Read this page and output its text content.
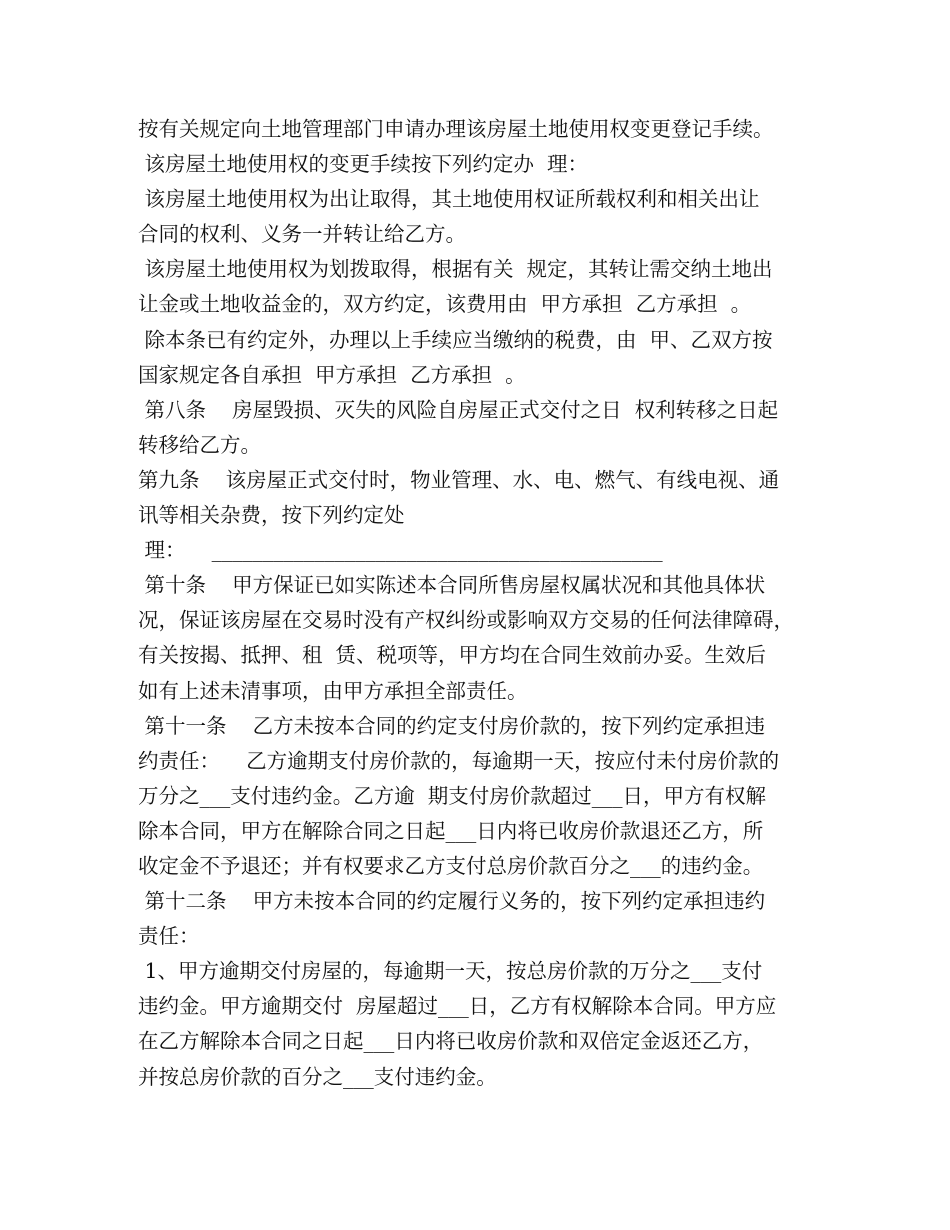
按有关规定向土地管理部门申请办理该房屋土地使用权变更登记手续。
该房屋土地使用权的变更手续按下列约定办  理：
该房屋土地使用权为出让取得，其土地使用权证所载权利和相关出让
合同的权利、义务一并转让给乙方。
该房屋土地使用权为划拨取得，根据有关  规定，其转让需交纳土地出
让金或土地收益金的，双方约定，该费用由  甲方承担  乙方承担  。
除本条已有约定外，办理以上手续应当缴纳的税费，由  甲、乙双方按
国家规定各自承担  甲方承担  乙方承担  。
第八条    房屋毁损、灭失的风险自房屋正式交付之日  权利转移之日起
转移给乙方。
第九条    该房屋正式交付时，物业管理、水、电、燃气、有线电视、通
讯等相关杂费，按下列约定处
理：    ____________________________________________
第十条    甲方保证已如实陈述本合同所售房屋权属状况和其他具体状
况，保证该房屋在交易时没有产权纠纷或影响双方交易的任何法律障碍，
有关按揭、抵押、租  赁、税项等，甲方均在合同生效前办妥。生效后
如有上述未清事项，由甲方承担全部责任。
第十一条    乙方未按本合同的约定支付房价款的，按下列约定承担违
约责任：    乙方逾期支付房价款的，每逾期一天，按应付未付房价款的
万分之___支付违约金。乙方逾  期支付房价款超过___日，甲方有权解
除本合同，甲方在解除合同之日起___日内将已收房价款退还乙方，所
收定金不予退还；并有权要求乙方支付总房价款百分之___的违约金。
第十二条    甲方未按本合同的约定履行义务的，按下列约定承担违约
责任：
1、甲方逾期交付房屋的，每逾期一天，按总房价款的万分之___支付
违约金。甲方逾期交付  房屋超过___日，乙方有权解除本合同。甲方应
在乙方解除本合同之日起___日内将已收房价款和双倍定金返还乙方，
并按总房价款的百分之___支付违约金。
